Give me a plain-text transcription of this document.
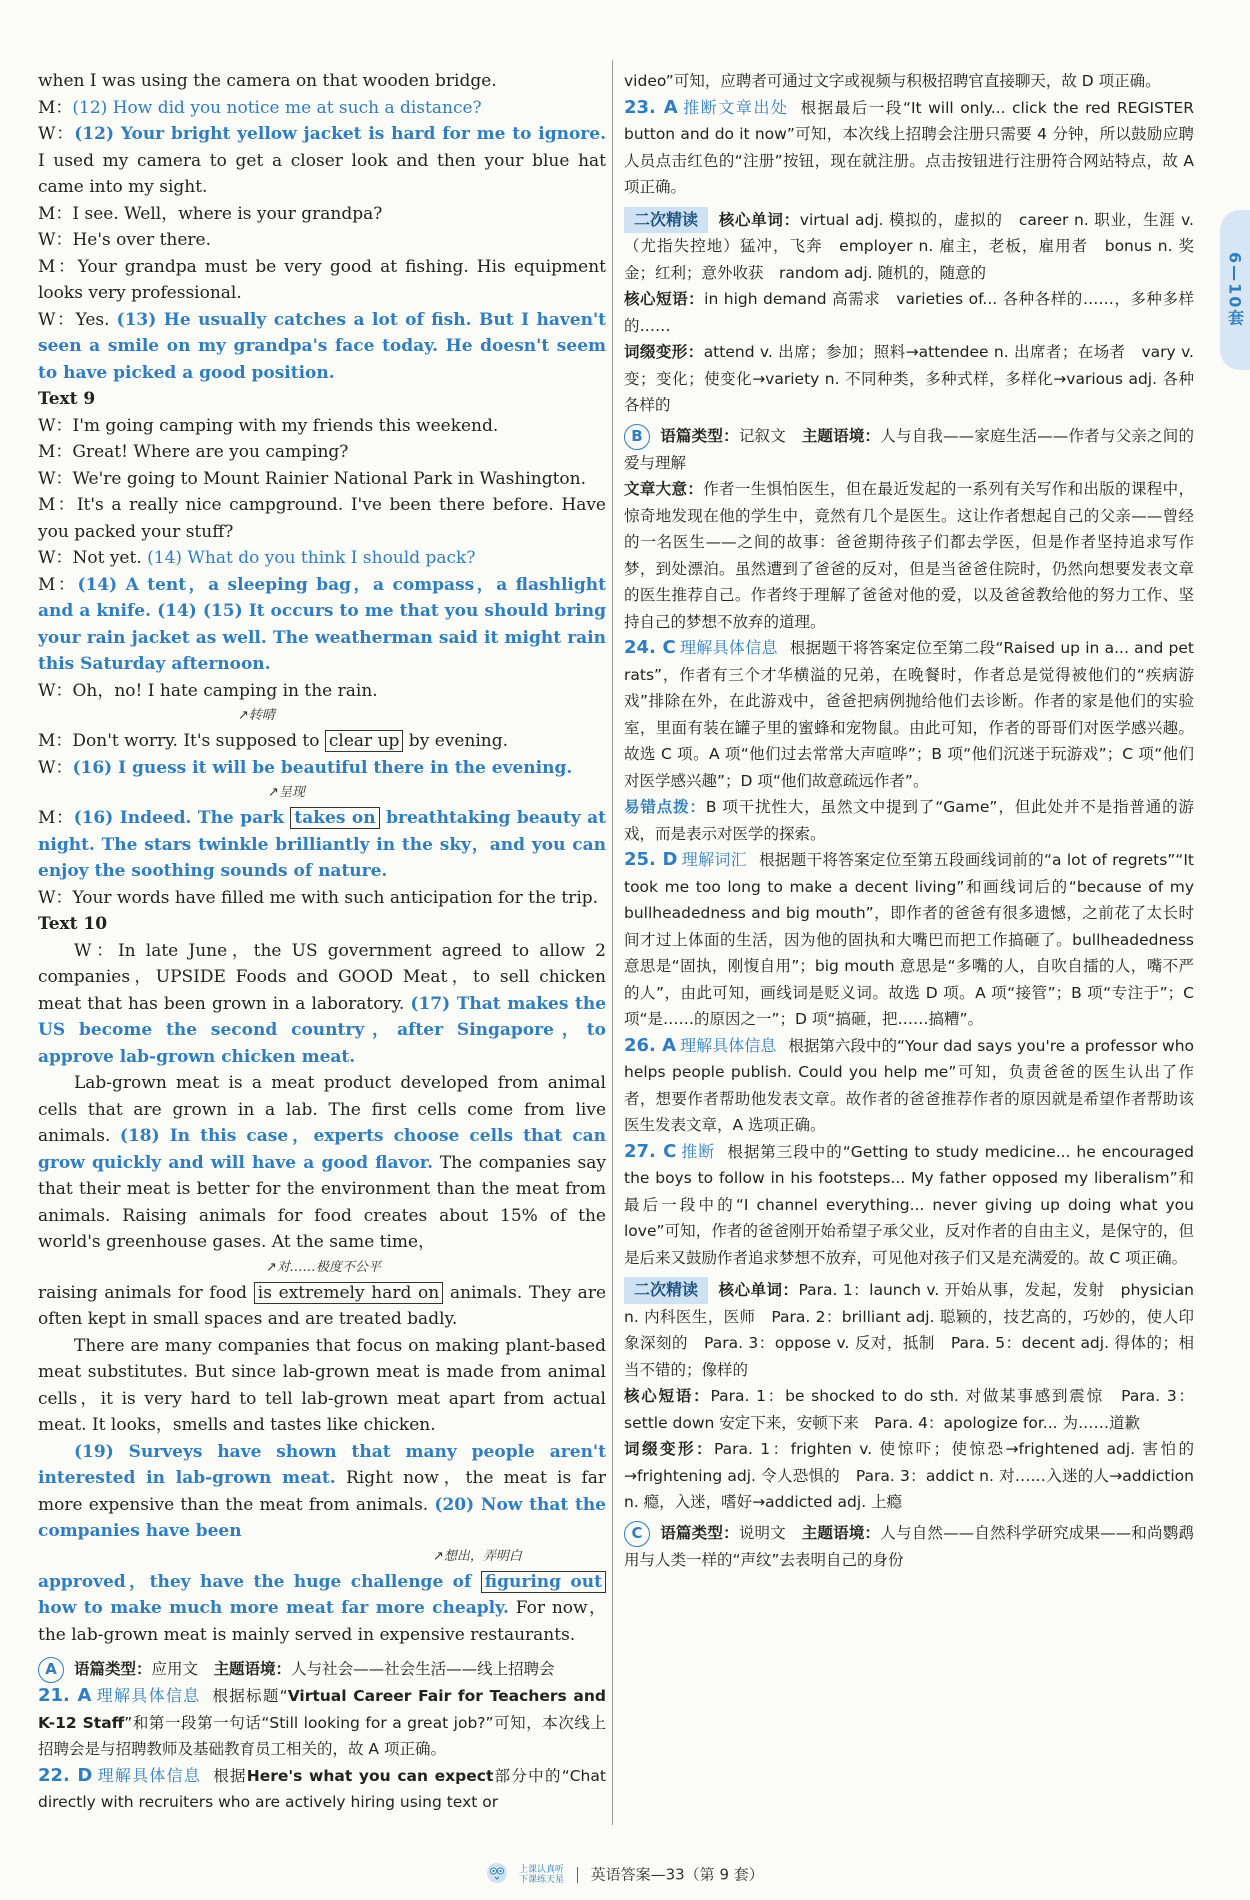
when I was using the camera on that wooden bridge.

M：(12) How did you notice me at such a distance?

W：(12) Your bright yellow jacket is hard for me to ignore. I used my camera to get a closer look and then your blue hat came into my sight.

M：I see. Well，where is your grandpa?

W：He's over there.

M：Your grandpa must be very good at fishing. His equipment looks very professional.

W：Yes. (13) He usually catches a lot of fish. But I haven't seen a smile on my grandpa's face today. He doesn't seem to have picked a good position.

Text 9

W：I'm going camping with my friends this weekend.

M：Great! Where are you camping?

W：We're going to Mount Rainier National Park in Washington.

M：It's a really nice campground. I've been there before. Have you packed your stuff?

W：Not yet. (14) What do you think I should pack?

M：(14) A tent，a sleeping bag，a compass，a flashlight and a knife. (14) (15) It occurs to me that you should bring your rain jacket as well. The weatherman said it might rain this Saturday afternoon.

W：Oh，no! I hate camping in the rain.

↗转晴

M：Don't worry. It's supposed to clear up by evening.

W：(16) I guess it will be beautiful there in the evening.

↗呈现

M：(16) Indeed. The park takes on breathtaking beauty at night. The stars twinkle brilliantly in the sky，and you can enjoy the soothing sounds of nature.

W：Your words have filled me with such anticipation for the trip.

Text 10

W：In late June，the US government agreed to allow 2 companies，UPSIDE Foods and GOOD Meat，to sell chicken meat that has been grown in a laboratory. (17) That makes the US become the second country，after Singapore，to approve lab-grown chicken meat.

Lab-grown meat is a meat product developed from animal cells that are grown in a lab. The first cells come from live animals. (18) In this case，experts choose cells that can grow quickly and will have a good flavor. The companies say that their meat is better for the environment than the meat from animals. Raising animals for food creates about 15% of the world's greenhouse gases. At the same time，

↗对……极度不公平

raising animals for food is extremely hard on animals. They are often kept in small spaces and are treated badly.

There are many companies that focus on making plant-based meat substitutes. But since lab-grown meat is made from animal cells，it is very hard to tell lab-grown meat apart from actual meat. It looks，smells and tastes like chicken.

(19) Surveys have shown that many people aren't interested in lab-grown meat. Right now，the meat is far more expensive than the meat from animals. (20) Now that the companies have been

↗想出，弄明白

approved，they have the huge challenge of figuring out how to make much more meat far more cheaply. For now，the lab-grown meat is mainly served in expensive restaurants.

A 语篇类型：应用文　 主题语境：人与社会——社会生活——线上招聘会

21. A 理解具体信息 根据标题“Virtual Career Fair for Teachers and K-12 Staff”和第一段第一句话“Still looking for a great job?”可知，本次线上招聘会是与招聘教师及基础教育员工相关的，故 A 项正确。

22. D 理解具体信息 根据Here's what you can expect部分中的“Chat directly with recruiters who are actively hiring using text or

video”可知，应聘者可通过文字或视频与积极招聘官直接聊天，故 D 项正确。

23. A 推断文章出处 根据最后一段“It will only... click the red REGISTER button and do it now”可知，本次线上招聘会注册只需要 4 分钟，所以鼓励应聘人员点击红色的“注册”按钮，现在就注册。点击按钮进行注册符合网站特点，故 A 项正确。

二次精读 核心单词：virtual adj. 模拟的，虚拟的　career n. 职业，生涯 v.（尤指失控地）猛冲，飞奔　employer n. 雇主，老板，雇用者　bonus n. 奖金；红利；意外收获　random adj. 随机的，随意的

核心短语：in high demand 高需求　varieties of... 各种各样的……，多种多样的……

词缀变形：attend v. 出席；参加；照料→attendee n. 出席者；在场者　vary v. 变；变化；使变化→variety n. 不同种类，多种式样，多样化→various adj. 各种各样的

B 语篇类型：记叙文　 主题语境：人与自我——家庭生活——作者与父亲之间的爱与理解

文章大意：作者一生惧怕医生，但在最近发起的一系列有关写作和出版的课程中，惊奇地发现在他的学生中，竟然有几个是医生。这让作者想起自己的父亲——曾经的一名医生——之间的故事：爸爸期待孩子们都去学医，但是作者坚持追求写作梦，到处漂泊。虽然遭到了爸爸的反对，但是当爸爸住院时，仍然向想要发表文章的医生推荐自己。作者终于理解了爸爸对他的爱，以及爸爸教给他的努力工作、坚持自己的梦想不放弃的道理。

24. C 理解具体信息 根据题干将答案定位至第二段“Raised up in a... and pet rats”，作者有三个才华横溢的兄弟，在晚餐时，作者总是觉得被他们的“疾病游戏”排除在外，在此游戏中，爸爸把病例抛给他们去诊断。作者的家是他们的实验室，里面有装在罐子里的蜜蜂和宠物鼠。由此可知，作者的哥哥们对医学感兴趣。故选 C 项。A 项“他们过去常常大声喧哗”；B 项“他们沉迷于玩游戏”；C 项“他们对医学感兴趣”；D 项“他们故意疏远作者”。

易错点拨：B 项干扰性大，虽然文中提到了“Game”，但此处并不是指普通的游戏，而是表示对医学的探索。

25. D 理解词汇 根据题干将答案定位至第五段画线词前的“a lot of regrets”“It took me too long to make a decent living”和画线词后的“because of my bullheadedness and big mouth”，即作者的爸爸有很多遗憾，之前花了太长时间才过上体面的生活，因为他的固执和大嘴巴而把工作搞砸了。bullheadedness 意思是“固执，刚愎自用”；big mouth 意思是“多嘴的人，自吹自擂的人，嘴不严的人”，由此可知，画线词是贬义词。故选 D 项。A 项“接管”；B 项“专注于”；C 项“是……的原因之一”；D 项“搞砸，把……搞糟”。

26. A 理解具体信息 根据第六段中的“Your dad says you're a professor who helps people publish. Could you help me”可知，负责爸爸的医生认出了作者，想要作者帮助他发表文章。故作者的爸爸推荐作者的原因就是希望作者帮助该医生发表文章，A 选项正确。

27. C 推断 根据第三段中的“Getting to study medicine... he encouraged the boys to follow in his footsteps... My father opposed my liberalism”和最后一段中的“I channel everything... never giving up doing what you love”可知，作者的爸爸刚开始希望子承父业，反对作者的自由主义，是保守的，但是后来又鼓励作者追求梦想不放弃，可见他对孩子们又是充满爱的。故 C 项正确。

二次精读 核心单词：Para. 1：launch v. 开始从事，发起，发射　physician n. 内科医生，医师　Para. 2：brilliant adj. 聪颖的，技艺高的，巧妙的，使人印象深刻的　Para. 3：oppose v. 反对，抵制　Para. 5：decent adj. 得体的；相当不错的；像样的

核心短语：Para. 1：be shocked to do sth. 对做某事感到震惊　Para. 3：settle down 安定下来，安顿下来　Para. 4：apologize for... 为……道歉

词缀变形：Para. 1：frighten v. 使惊吓；使惊恐→frightened adj. 害怕的→frightening adj. 令人恐惧的　Para. 3：addict n. 对……入迷的人→addiction n. 瘾，入迷，嗜好→addicted adj. 上瘾

C 语篇类型：说明文　 主题语境：人与自然——自然科学研究成果——和尚鹦鹉用与人类一样的“声纹”去表明自己的身份

6—10套
上课认真听
下课练天星 英语答案—33（第 9 套）
